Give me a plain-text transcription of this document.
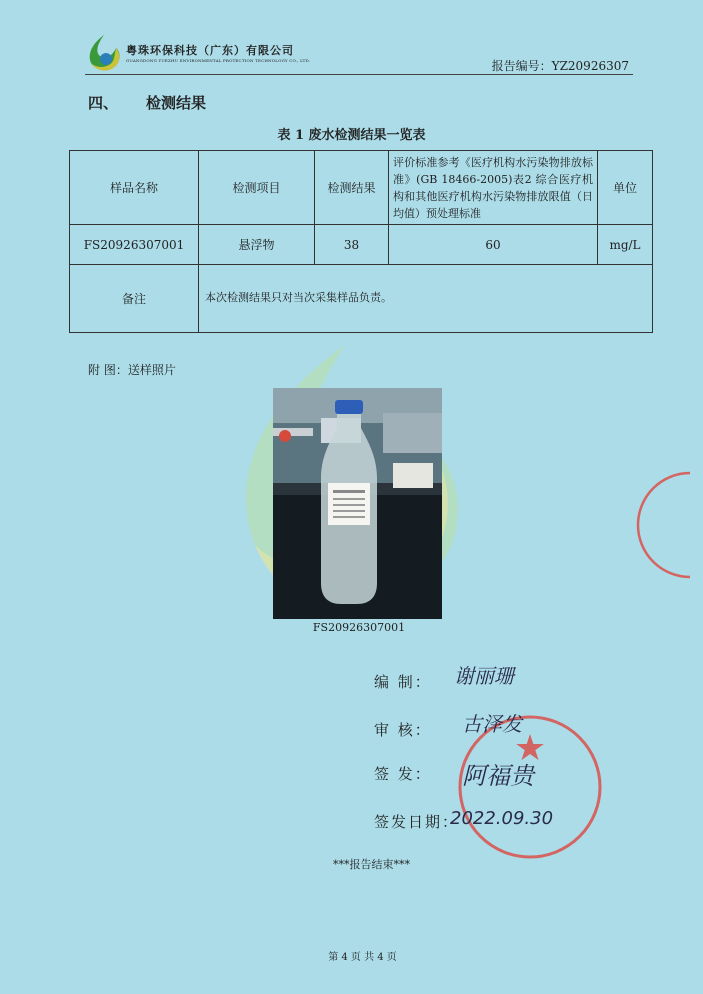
粤珠环保科技（广东）有限公司
GUANGDONG YUEZHU ENVIRONMENTAL PROTECTION TECHNOLOGY CO., LTD.	报告编号：YZ20926307
四、 检测结果
表 1 废水检测结果一览表
样品名称	检测项目	检测结果	评价标准参考《医疗机构水污染物排放标准》(GB 18466-2005)表2 综合医疗机构和其他医疗机构水污染物排放限值（日均值）预处理标准	单位
FS20926307001	悬浮物	38	60	mg/L
备注	本次检测结果只对当次采集样品负责。			
附 图：送样照片
FS20926307001
★
编 制：
审 核：
签 发：
签发日期：
谢丽珊
古泽发
阿福贵
2022.09.30
***报告结束***
第 4 页 共 4 页
